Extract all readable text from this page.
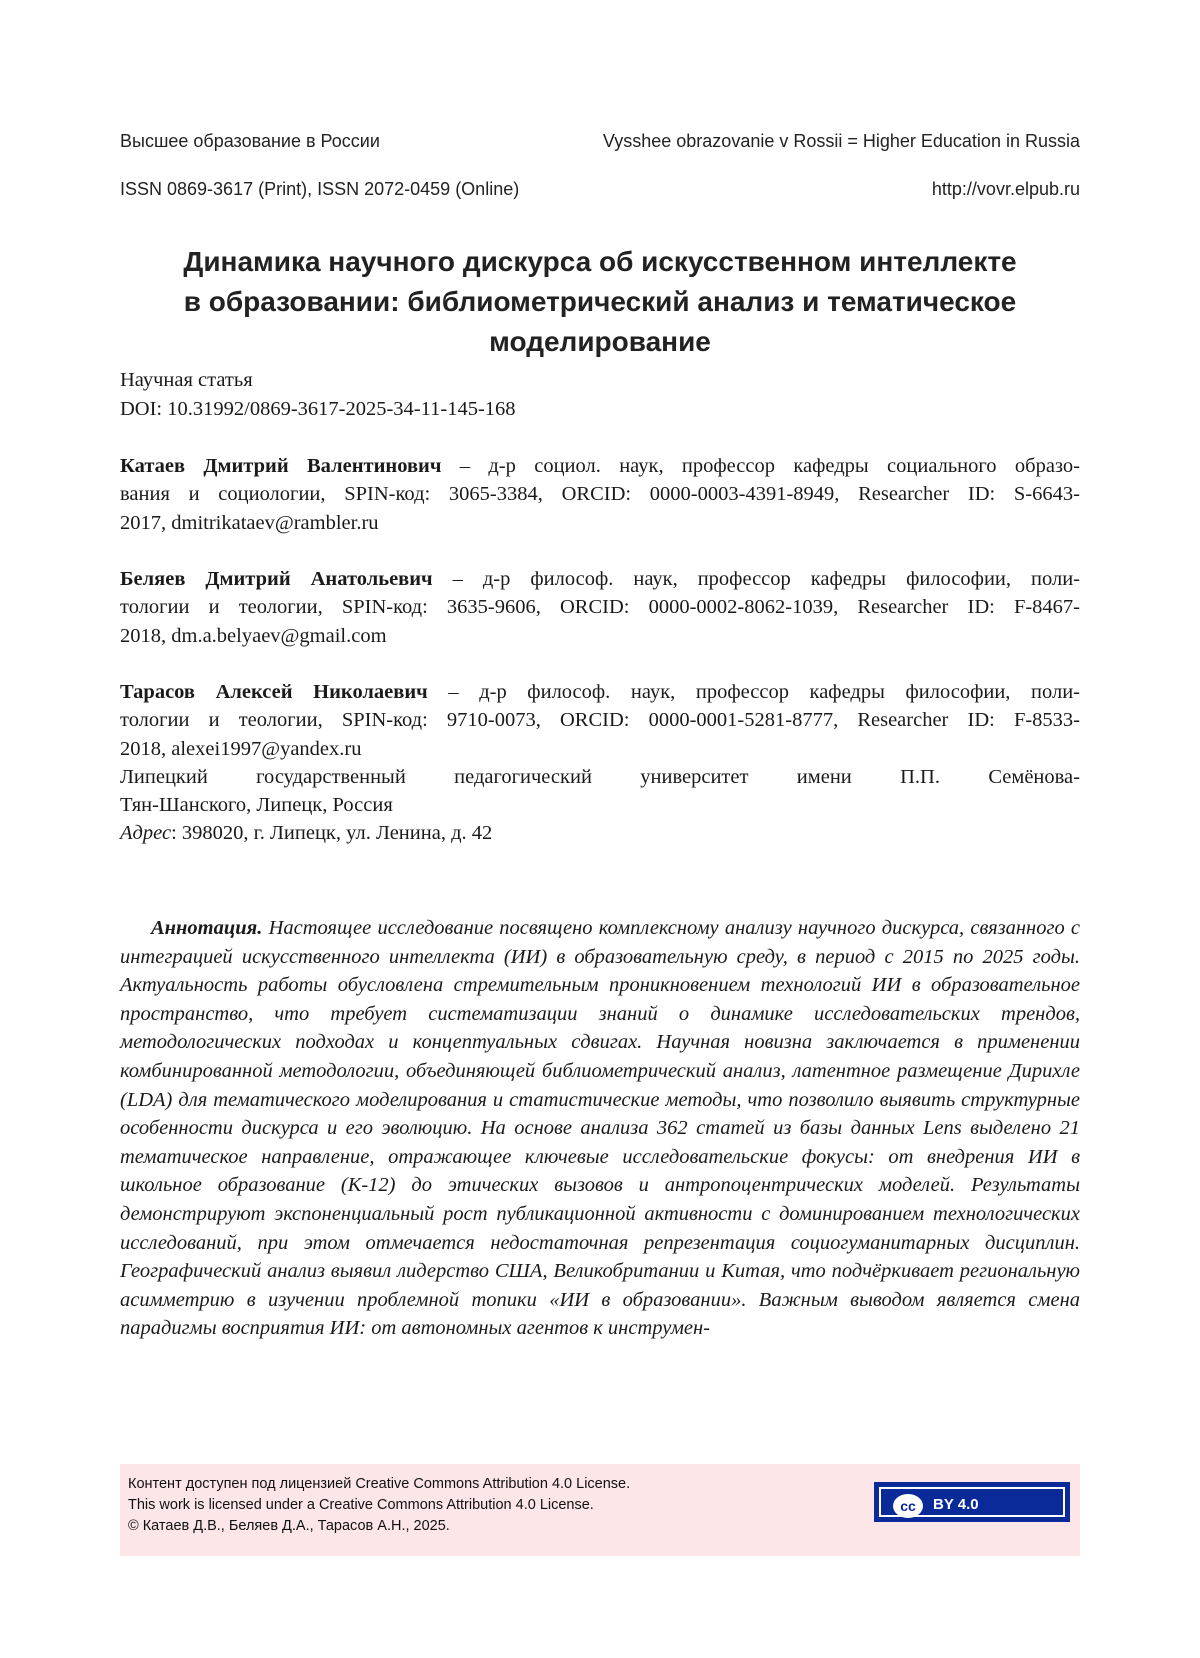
Высшее образование в России	Vysshee obrazovanie v Rossii = Higher Education in Russia
ISSN 0869-3617 (Print), ISSN 2072-0459 (Online)	http://vovr.elpub.ru
Динамика научного дискурса об искусственном интеллекте
в образовании: библиометрический анализ и тематическое
моделирование
Научная статья
DOI: 10.31992/0869-3617-2025-34-11-145-168
Катаев Дмитрий Валентинович – д-р социол. наук, профессор кафедры социального образо-
вания и социологии, SPIN-код: 3065-3384, ORCID: 0000-0003-4391-8949, Researcher ID: S-6643-
2017, dmitrikataev@rambler.ru
Беляев Дмитрий Анатольевич – д-р философ. наук, профессор кафедры философии, поли-
тологии и теологии, SPIN-код: 3635-9606, ORCID: 0000-0002-8062-1039, Researcher ID: F-8467-
2018, dm.a.belyaev@gmail.com
Тарасов Алексей Николаевич – д-р философ. наук, профессор кафедры философии, поли-
тологии и теологии, SPIN-код: 9710-0073, ORCID: 0000-0001-5281-8777, Researcher ID: F-8533-
2018, alexei1997@yandex.ru
Липецкий государственный педагогический университет имени П.П. Семёнова-
Тян-Шанского, Липецк, Россия
Адрес: 398020, г. Липецк, ул. Ленина, д. 42
Аннотация. Настоящее исследование посвящено комплексному анализу научного дискурса, связанного с интеграцией искусственного интеллекта (ИИ) в образовательную среду, в период с 2015 по 2025 годы. Актуальность работы обусловлена стремительным проникновением технологий ИИ в образовательное пространство, что требует систематизации знаний о динамике исследовательских трендов, методологических подходах и концептуальных сдвигах. Научная новизна заключается в применении комбинированной методологии, объединяющей библиометрический анализ, латентное размещение Дирихле (LDA) для тематического моделирования и статистические методы, что позволило выявить структурные особенности дискурса и его эволюцию. На основе анализа 362 статей из базы данных Lens выделено 21 тематическое направление, отражающее ключевые исследовательские фокусы: от внедрения ИИ в школьное образование (К-12) до этических вызовов и антропоцентрических моделей. Результаты демонстрируют экспоненциальный рост публикационной активности с доминированием технологических исследований, при этом отмечается недостаточная репрезентация социогуманитарных дисциплин. Географический анализ выявил лидерство США, Великобритании и Китая, что подчёркивает региональную асимметрию в изучении проблемной топики «ИИ в образовании». Важным выводом является смена парадигмы восприятия ИИ: от автономных агентов к инструмен-
Контент доступен под лицензией Creative Commons Attribution 4.0 License.
This work is licensed under a Creative Commons Attribution 4.0 License.
© Катаев Д.В., Беляев Д.А., Тарасов А.Н., 2025.
cc	BY 4.0
